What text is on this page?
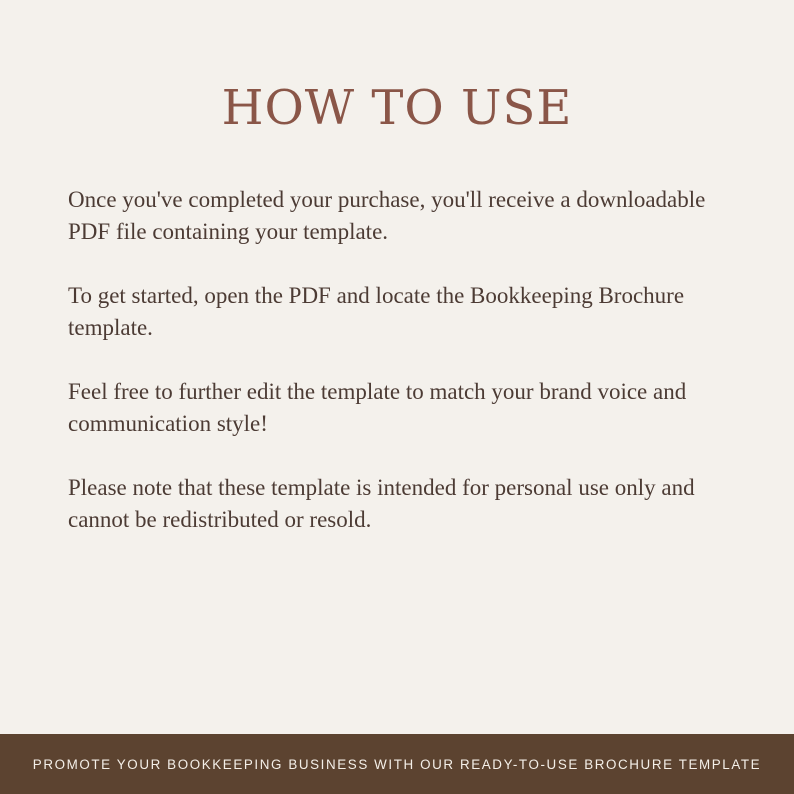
HOW TO USE

Once you've completed your purchase, you'll receive a downloadable PDF file containing your template.

To get started, open the PDF and locate the Bookkeeping Brochure template.

Feel free to further edit the template to match your brand voice and communication style!

Please note that these template is intended for personal use only and cannot be redistributed or resold.

PROMOTE YOUR BOOKKEEPING BUSINESS WITH OUR READY-TO-USE BROCHURE TEMPLATE
